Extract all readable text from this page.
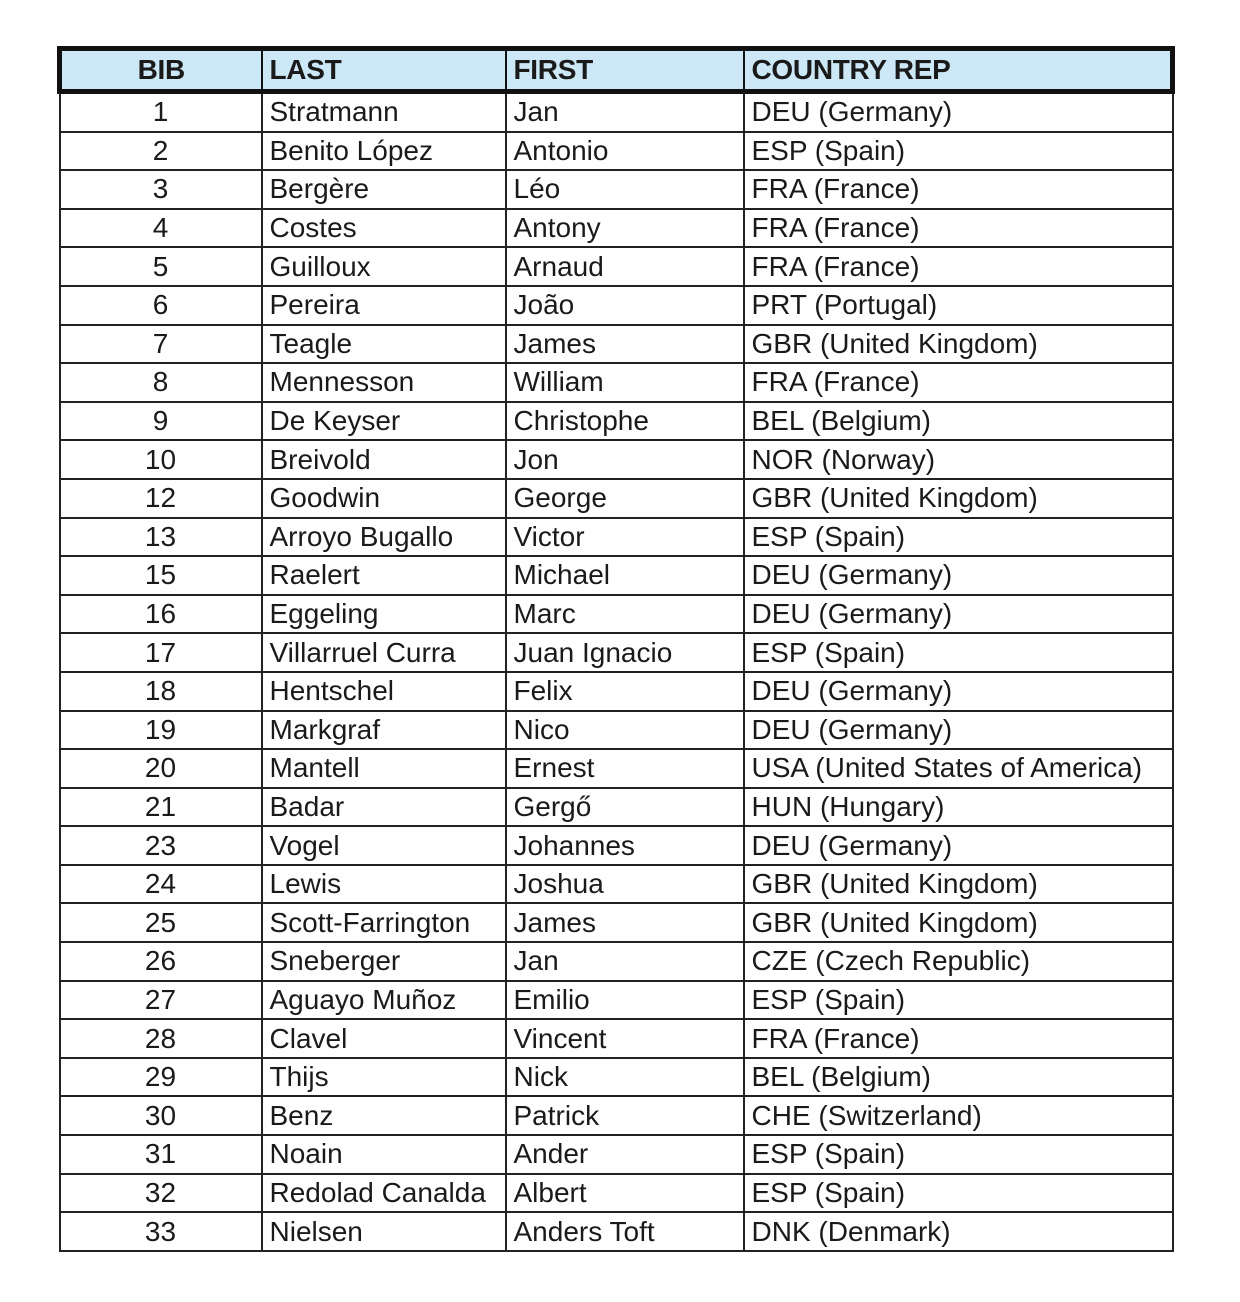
BIB	LAST	FIRST	COUNTRY REP
1	Stratmann	Jan	DEU (Germany)
2	Benito López	Antonio	ESP (Spain)
3	Bergère	Léo	FRA (France)
4	Costes	Antony	FRA (France)
5	Guilloux	Arnaud	FRA (France)
6	Pereira	João	PRT (Portugal)
7	Teagle	James	GBR (United Kingdom)
8	Mennesson	William	FRA (France)
9	De Keyser	Christophe	BEL (Belgium)
10	Breivold	Jon	NOR (Norway)
12	Goodwin	George	GBR (United Kingdom)
13	Arroyo Bugallo	Victor	ESP (Spain)
15	Raelert	Michael	DEU (Germany)
16	Eggeling	Marc	DEU (Germany)
17	Villarruel Curra	Juan Ignacio	ESP (Spain)
18	Hentschel	Felix	DEU (Germany)
19	Markgraf	Nico	DEU (Germany)
20	Mantell	Ernest	USA (United States of America)
21	Badar	Gergő	HUN (Hungary)
23	Vogel	Johannes	DEU (Germany)
24	Lewis	Joshua	GBR (United Kingdom)
25	Scott-Farrington	James	GBR (United Kingdom)
26	Sneberger	Jan	CZE (Czech Republic)
27	Aguayo Muñoz	Emilio	ESP (Spain)
28	Clavel	Vincent	FRA (France)
29	Thijs	Nick	BEL (Belgium)
30	Benz	Patrick	CHE (Switzerland)
31	Noain	Ander	ESP (Spain)
32	Redolad Canalda	Albert	ESP (Spain)
33	Nielsen	Anders Toft	DNK (Denmark)
